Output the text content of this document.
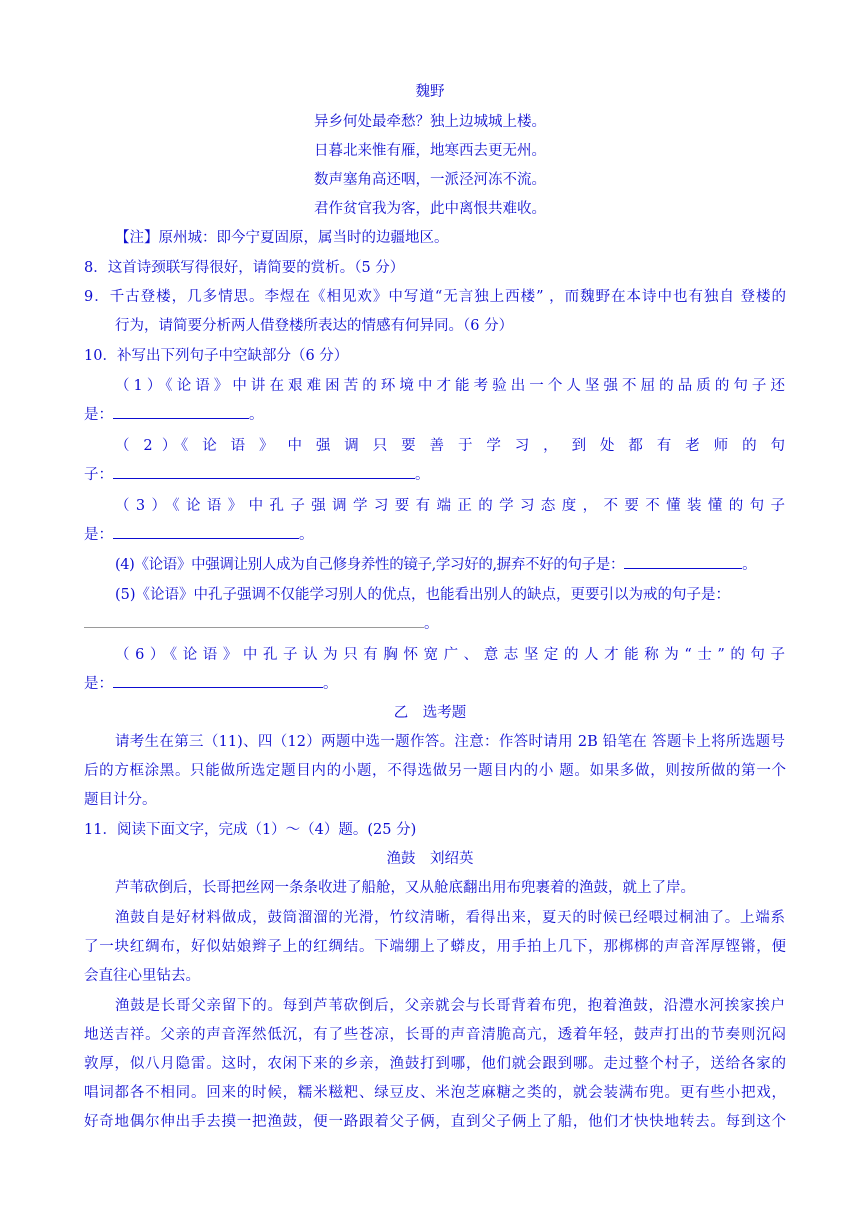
魏野
异乡何处最牵愁？独上边城城上楼。
日暮北来惟有雁，地寒西去更无州。
数声塞角高还咽，一派泾河冻不流。
君作贫官我为客，此中离恨共难收。
【注】原州城：即今宁夏固原，属当时的边疆地区。
8．这首诗颈联写得很好，请简要的赏析。（5 分）
9．千古登楼，几多情思。李煜在《相见欢》中写道“无言独上西楼” ，而魏野在本诗中也有独自 登楼的
行为，请简要分析两人借登楼所表达的情感有何异同。（6 分）
10．补写出下列句子中空缺部分（6 分）
（1）《论语》中讲在艰难困苦的环境中才能考验出一个人坚强不屈的品质的句子还
是：	。
（ 2 ）《 论 语 》 中 强 调 只 要 善 于 学 习 ， 到 处 都 有 老 师 的 句
子：	。
（3）《论语》中孔子强调学习要有端正的学习态度，不要不懂装懂的句子
是：	。
(4)《论语》中强调让别人成为自己修身养性的镜子,学习好的,摒弃不好的句子是：	。
(5)《论语》中孔子强调不仅能学习别人的优点，也能看出别人的缺点，更要引以为戒的句子是：
。
（6）《论语》中孔子认为只有胸怀宽广、意志坚定的人才能称为“士”的句子
是：	。
乙　选考题
请考生在第三（11)、四（12）两题中选一题作答。注意：作答时请用 2B 铅笔在 答题卡上将所选题号
后的方框涂黑。只能做所选定题目内的小题，不得选做另一题目内的小 题。如果多做，则按所做的第一个
题目计分。
11．阅读下面文字，完成（1）～（4）题。(25 分)
渔鼓　刘绍英
芦苇砍倒后，长哥把丝网一条条收进了船舱，又从舱底翻出用布兜裹着的渔鼓，就上了岸。
渔鼓自是好材料做成，鼓筒溜溜的光滑，竹纹清晰，看得出来，夏天的时候已经喂过桐油了。上端系
了一块红绸布，好似姑娘辫子上的红绸结。下端绷上了蟒皮，用手拍上几下，那梆梆的声音浑厚铿锵，便
会直往心里钻去。
渔鼓是长哥父亲留下的。每到芦苇砍倒后，父亲就会与长哥背着布兜，抱着渔鼓，沿澧水河挨家挨户
地送吉祥。父亲的声音浑然低沉，有了些苍凉，长哥的声音清脆高亢，透着年轻，鼓声打出的节奏则沉闷
敦厚，似八月隐雷。这时，农闲下来的乡亲，渔鼓打到哪，他们就会跟到哪。走过整个村子，送给各家的
唱词都各不相同。回来的时候，糯米糍粑、绿豆皮、米泡芝麻糖之类的，就会装满布兜。更有些小把戏，
好奇地偶尔伸出手去摸一把渔鼓，便一路跟着父子俩，直到父子俩上了船，他们才快快地转去。每到这个
